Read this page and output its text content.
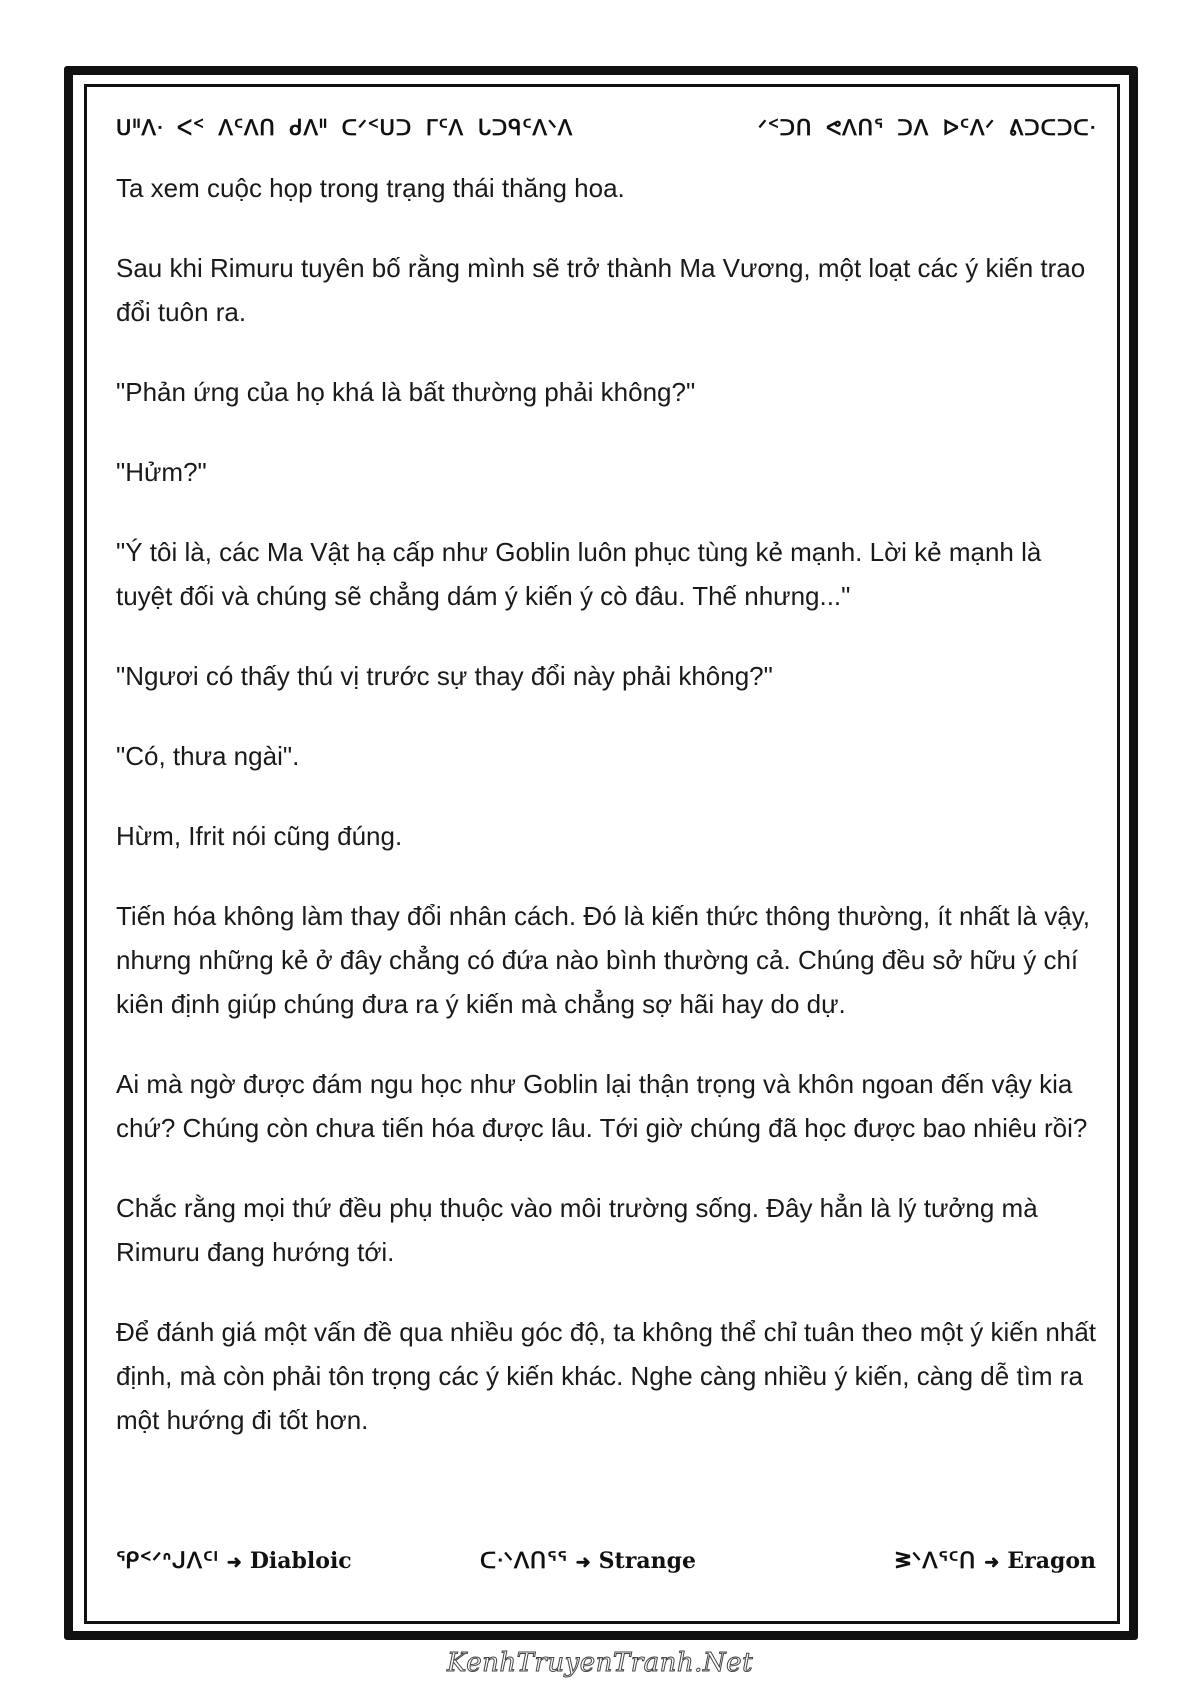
ᑌᐦᐱᐧ ᐸᑉ ᐱᑦᐱᑎ ᑯᐱᐦ ᑕᐟᑉᑌᑐ ᒥᑦᐱ ᒐᑐᑫᑦᐱᐠᐱ	ᐟᑉᑐᑎ ᕙᐱᑎᕐ ᑐᐱ ᐅᑦᐱᐟ ᕕᑐᑕᑐᑕᐧ

Ta xem cuộc họp trong trạng thái thăng hoa.

Sau khi Rimuru tuyên bố rằng mình sẽ trở thành Ma Vương, một loạt các ý kiến trao đổi tuôn ra.

"Phản ứng của họ khá là bất thường phải không?"

"Hửm?"

"Ý tôi là, các Ma Vật hạ cấp như Goblin luôn phục tùng kẻ mạnh. Lời kẻ mạnh là tuyệt đối và chúng sẽ chẳng dám ý kiến ý cò đâu. Thế nhưng..."

"Ngươi có thấy thú vị trước sự thay đổi này phải không?"

"Có, thưa ngài".

Hừm, Ifrit nói cũng đúng.

Tiến hóa không làm thay đổi nhân cách. Đó là kiến thức thông thường, ít nhất là vậy, nhưng những kẻ ở đây chẳng có đứa nào bình thường cả. Chúng đều sở hữu ý chí kiên định giúp chúng đưa ra ý kiến mà chẳng sợ hãi hay do dự.

Ai mà ngờ được đám ngu học như Goblin lại thận trọng và khôn ngoan đến vậy kia chứ? Chúng còn chưa tiến hóa được lâu. Tới giờ chúng đã học được bao nhiêu rồi?

Chắc rằng mọi thứ đều phụ thuộc vào môi trường sống. Đây hẳn là lý tưởng mà Rimuru đang hướng tới.

Để đánh giá một vấn đề qua nhiều góc độ, ta không thể chỉ tuân theo một ý kiến nhất định, mà còn phải tôn trọng các ý kiến khác. Nghe càng nhiều ý kiến, càng dễ tìm ra một hướng đi tốt hơn.

ᕿᑉᐟᐢᒍᐱᑦᑊ ➜ Diabloic	ᑕᐧᐠᐱᑎᕐᕐ ➜ Strange	ᕒᐠᐱᕐᑦᑎ ➜ Eragon
KenhTruyenTranh.Net
